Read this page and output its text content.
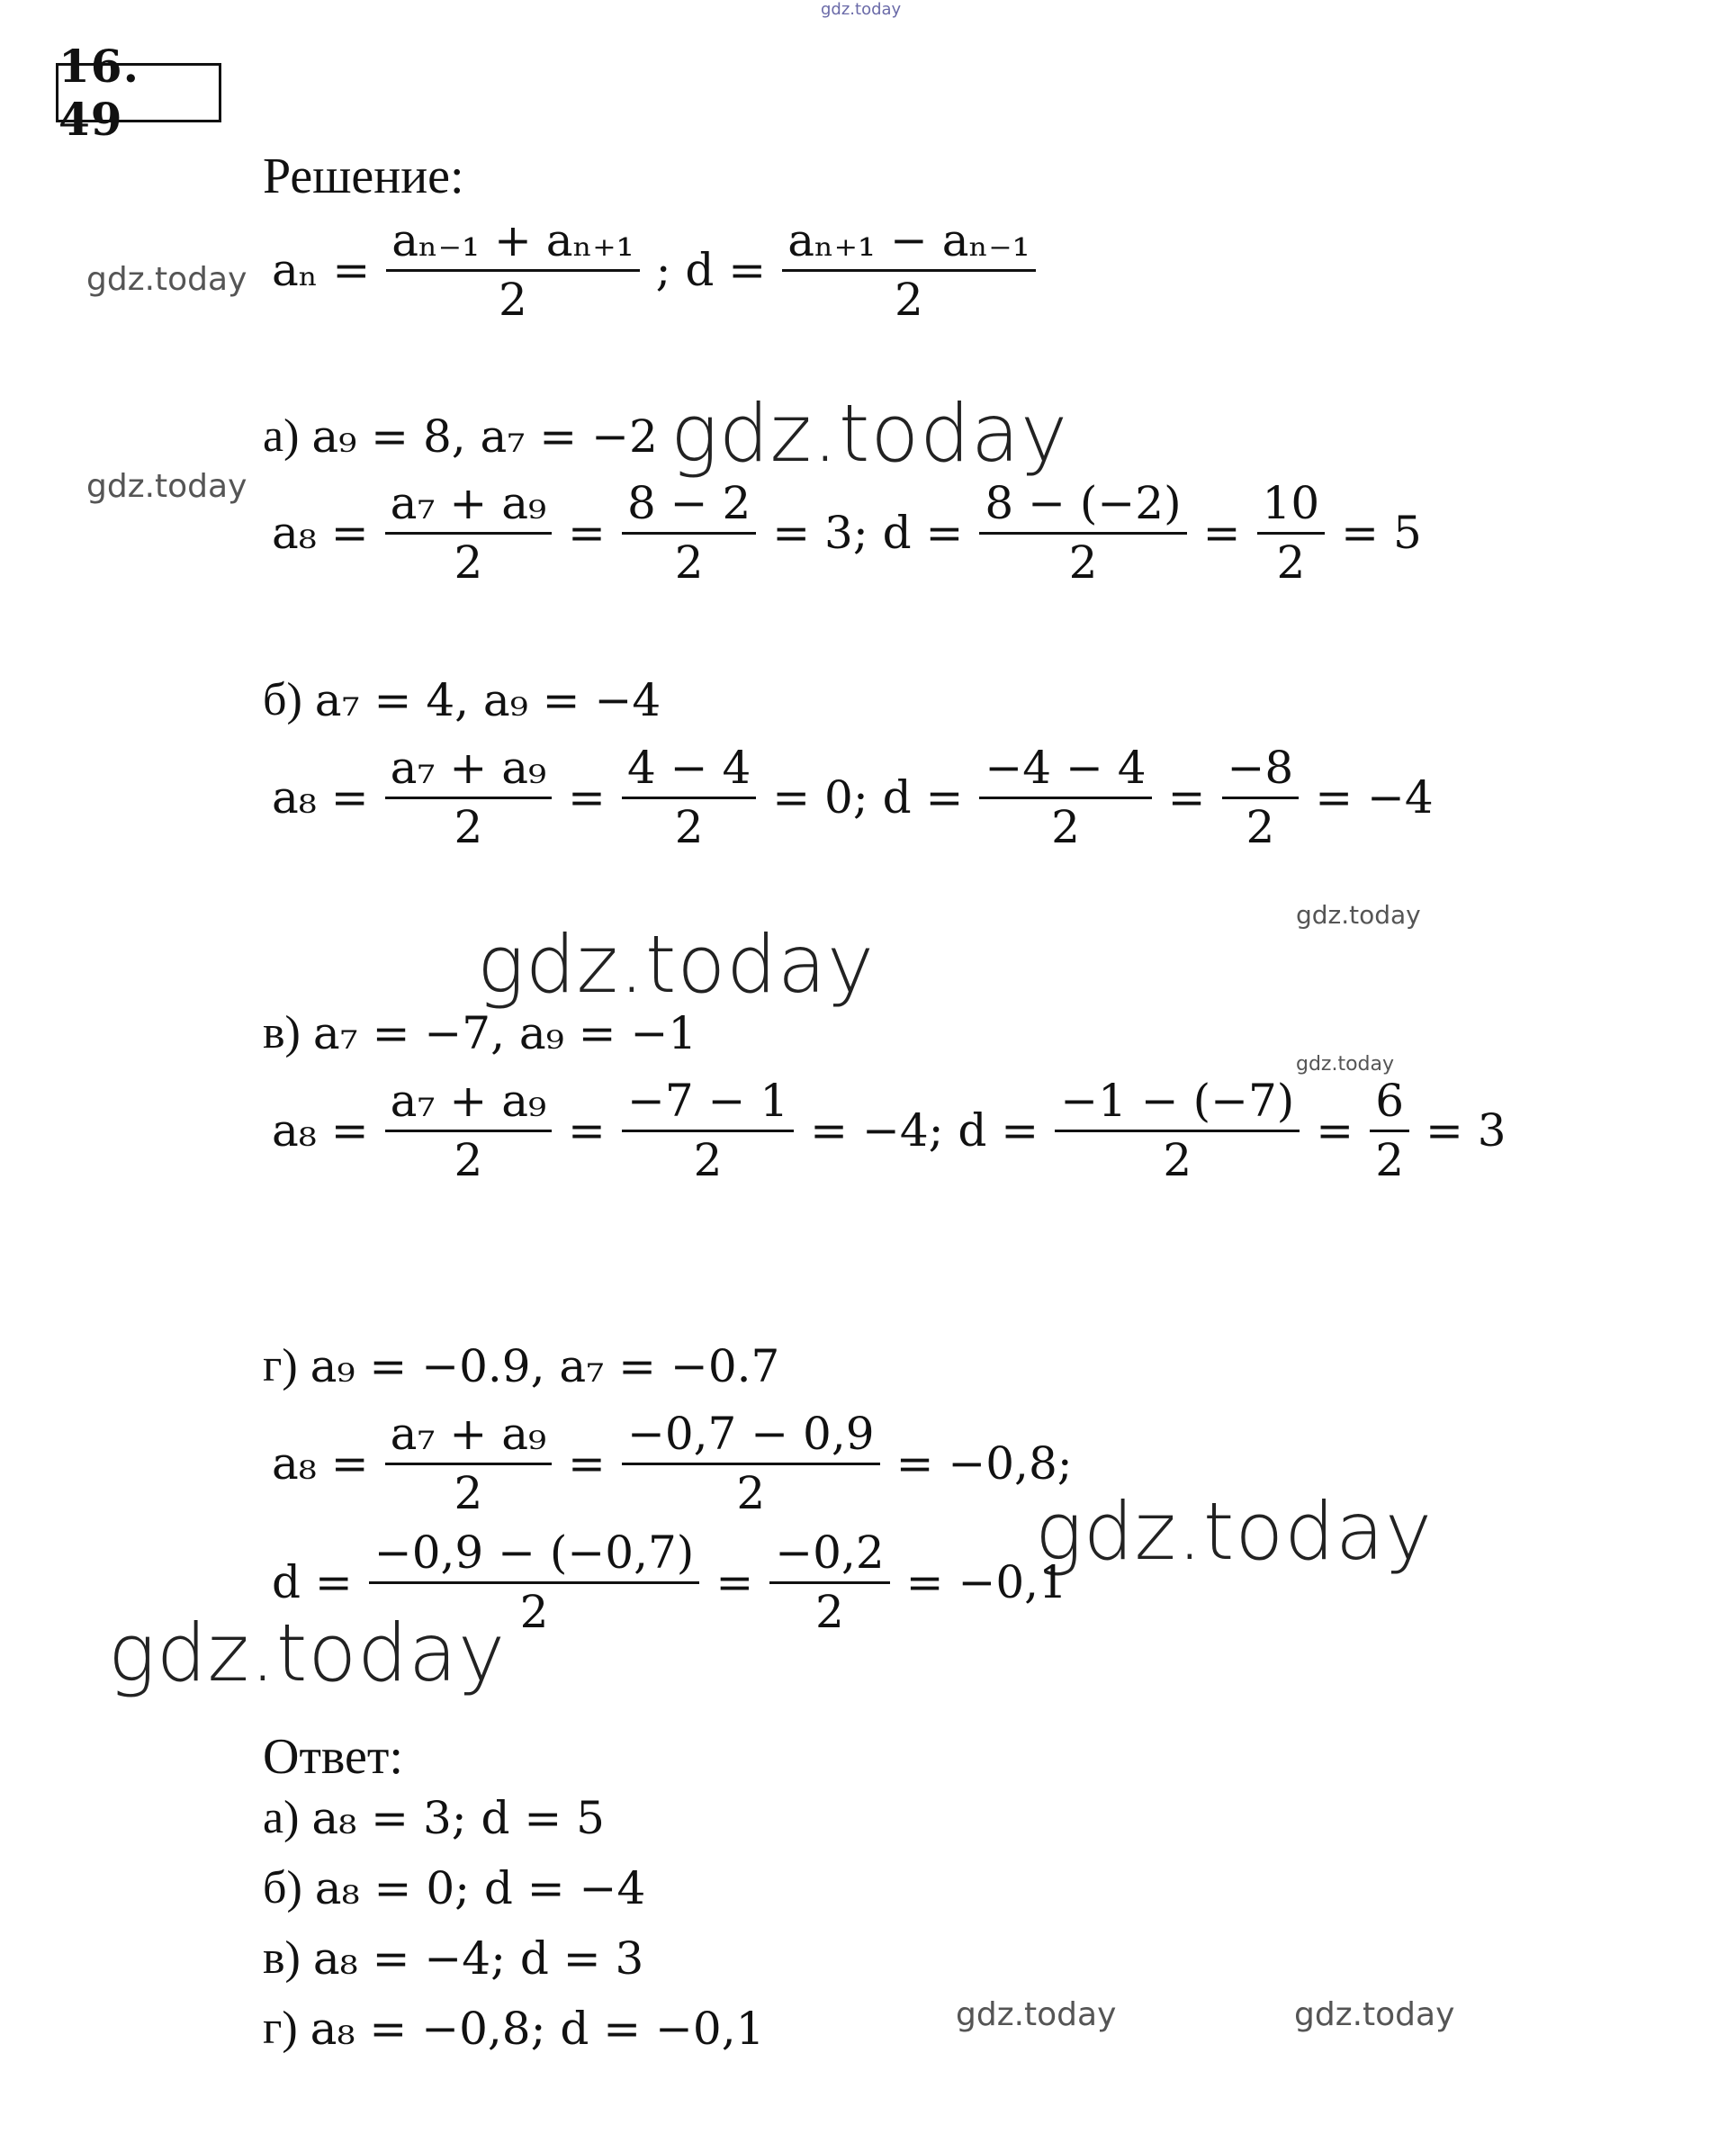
gdz.today
gdz.today
gdz.today
gdz.today
gdz.today
gdz.today
gdz.today
gdz.today
gdz.today
gdz.today	gdz.today
16. 49
Решение:
$a_n = \frac{\text{aₙ₋₁ + aₙ₊₁}}{2}$ ; $d = \frac{\text{aₙ₊₁ − aₙ₋₁}}{2}$
а) a₉ = 8, a₇ = −2
$a_8 = \frac{\text{a₇ + a₉}}{2} = \frac{8 - 2}{2} = 3$; $d = \frac{8 - (-2)}{2} = \frac{10}{2} = 5$
б) a₇ = 4, a₉ = −4
$a_8 = \frac{\text{a₇ + a₉}}{2} = \frac{4 - 4}{2} = 0$; $d = \frac{-4 - 4}{2} = \frac{-8}{2} = -4$
в) a₇ = −7, a₉ = −1
$a_8 = \frac{\text{a₇ + a₉}}{2} = \frac{-7 - 1}{2} = -4$; $d = \frac{-1 - (-7)}{2} = \frac{6}{2} = 3$
г) a₉ = −0.9, a₇ = −0.7
$a_8 = \frac{\text{a₇ + a₉}}{2} = \frac{-0,7 - 0,9}{2} = -0,8$;
$d = \frac{-0,9 - (-0,7)}{2} = \frac{-0,2}{2} = -0,1$
Ответ:
а) a₈ = 3; d = 5
б) a₈ = 0; d = −4
в) a₈ = −4; d = 3
г) a₈ = −0,8; d = −0,1
